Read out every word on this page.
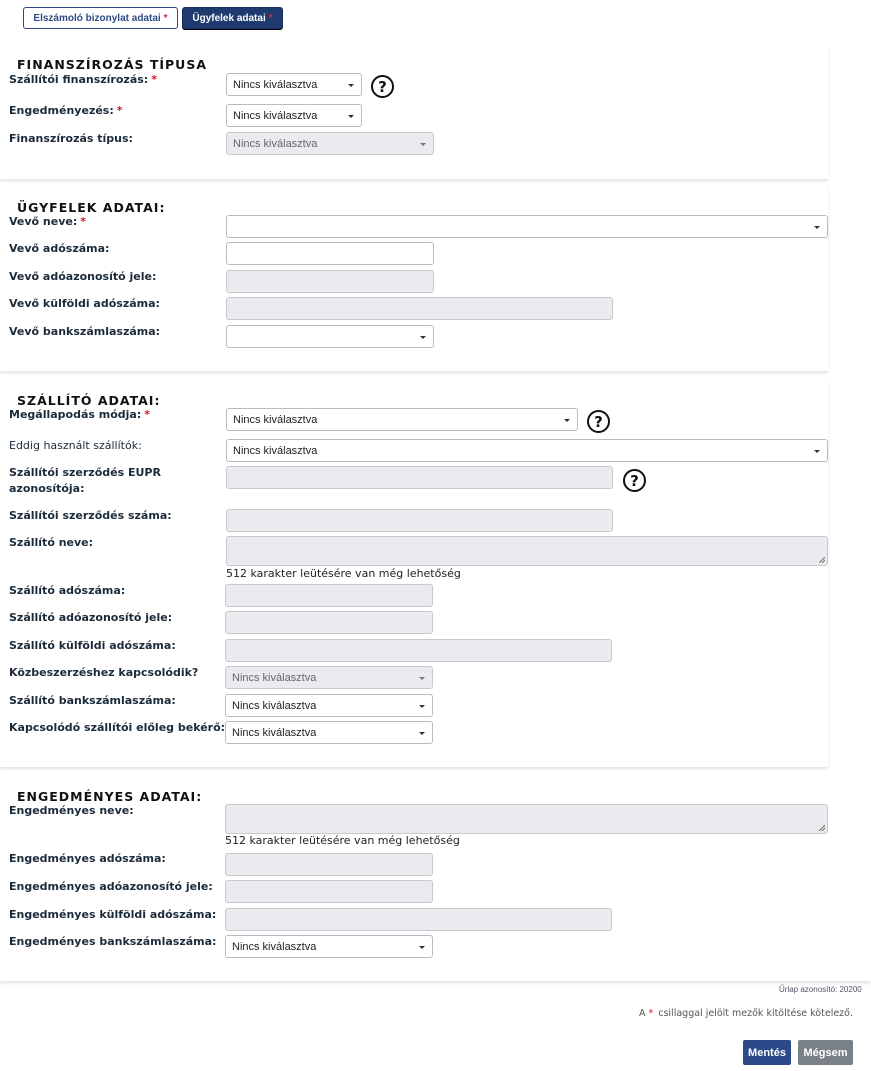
Elszámoló bizonylat adatai * Ügyfelek adatai *
FINANSZÍROZÁS TÍPUSA
Szállítói finanszírozás: *	Nincs kiválasztva	?
Engedményezés: *	Nincs kiválasztva
Finanszírozás típus:	Nincs kiválasztva
ÜGYFELEK ADATAI:
Vevő neve: *
Vevő adószáma:
Vevő adóazonosító jele:
Vevő külföldi adószáma:
Vevő bankszámlaszáma:
SZÁLLÍTÓ ADATAI:
Megállapodás módja: *	Nincs kiválasztva	?
Eddig használt szállítók:	Nincs kiválasztva
Szállítói szerződés EUPR
azonosítója:	?
Szállítói szerződés száma:
Szállító neve:
512 karakter leütésére van még lehetőség
Szállító adószáma:
Szállító adóazonosító jele:
Szállító külföldi adószáma:
Közbeszerzéshez kapcsolódik?	Nincs kiválasztva
Szállító bankszámlaszáma:	Nincs kiválasztva
Kapcsolódó szállítói előleg bekérő: Nincs kiválasztva
ENGEDMÉNYES ADATAI:
Engedményes neve:
512 karakter leütésére van még lehetőség
Engedményes adószáma:
Engedményes adóazonosító jele:
Engedményes külföldi adószáma:
Engedményes bankszámlaszáma: Nincs kiválasztva
Űrlap azonosító: 20200
A * csillaggal jelölt mezők kitöltése kötelező.
Mentés	Mégsem
